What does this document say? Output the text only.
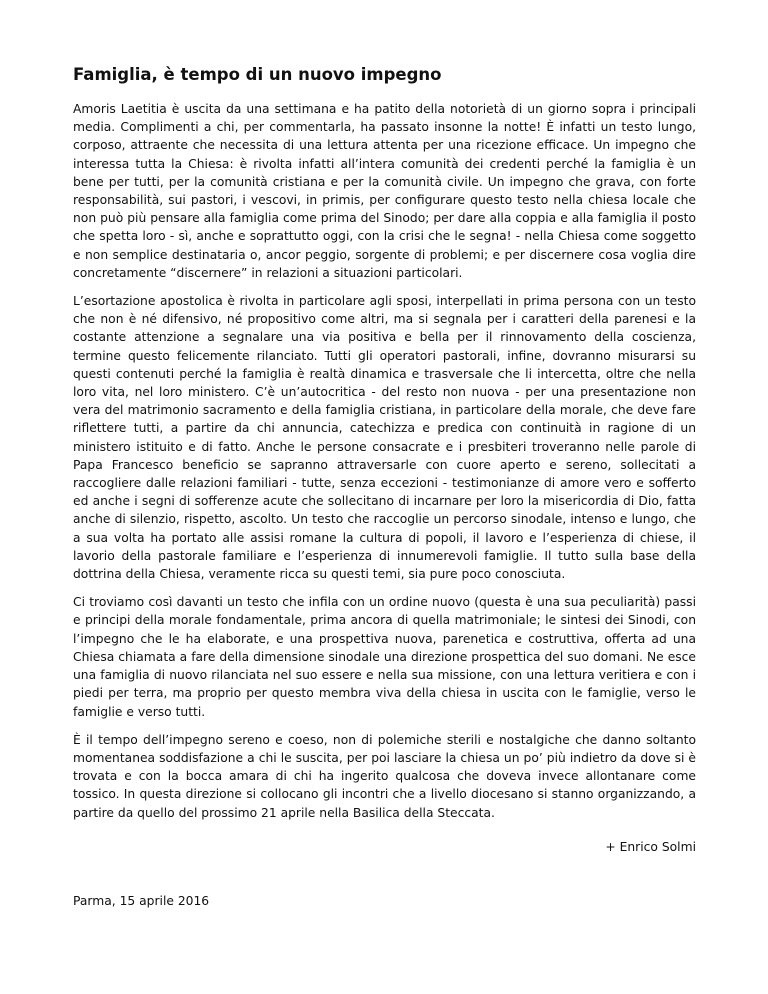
Famiglia, è tempo di un nuovo impegno

Amoris Laetitia è uscita da una settimana e ha patito della notorietà di un giorno sopra i principali media. Complimenti a chi, per commentarla, ha passato insonne la notte! È infatti un testo lungo, corposo, attraente che necessita di una lettura attenta per una ricezione efficace. Un impegno che interessa tutta la Chiesa: è rivolta infatti all’intera comunità dei credenti perché la famiglia è un bene per tutti, per la comunità cristiana e per la comunità civile. Un impegno che grava, con forte responsabilità, sui pastori, i vescovi, in primis, per configurare questo testo nella chiesa locale che non può più pensare alla famiglia come prima del Sinodo; per dare alla coppia e alla famiglia il posto che spetta loro - sì, anche e soprattutto oggi, con la crisi che le segna! - nella Chiesa come soggetto e non semplice destinataria o, ancor peggio, sorgente di problemi; e per discernere cosa voglia dire concretamente “discernere” in relazioni a situazioni particolari.

L’esortazione apostolica è rivolta in particolare agli sposi, interpellati in prima persona con un testo che non è né difensivo, né propositivo come altri, ma si segnala per i caratteri della parenesi e la costante attenzione a segnalare una via positiva e bella per il rinnovamento della coscienza, termine questo felicemente rilanciato. Tutti gli operatori pastorali, infine, dovranno misurarsi su questi contenuti perché la famiglia è realtà dinamica e trasversale che li intercetta, oltre che nella loro vita, nel loro ministero. C’è un’autocritica - del resto non nuova - per una presentazione non vera del matrimonio sacramento e della famiglia cristiana, in particolare della morale, che deve fare riflettere tutti, a partire da chi annuncia, catechizza e predica con continuità in ragione di un ministero istituito e di fatto. Anche le persone consacrate e i presbiteri troveranno nelle parole di Papa Francesco beneficio se sapranno attraversarle con cuore aperto e sereno, sollecitati a raccogliere dalle relazioni familiari - tutte, senza eccezioni - testimonianze di amore vero e sofferto ed anche i segni di sofferenze acute che sollecitano di incarnare per loro la misericordia di Dio, fatta anche di silenzio, rispetto, ascolto. Un testo che raccoglie un percorso sinodale, intenso e lungo, che a sua volta ha portato alle assisi romane la cultura di popoli, il lavoro e l’esperienza di chiese, il lavorio della pastorale familiare e l’esperienza di innumerevoli famiglie. Il tutto sulla base della dottrina della Chiesa, veramente ricca su questi temi, sia pure poco conosciuta.

Ci troviamo così davanti un testo che infila con un ordine nuovo (questa è una sua peculiarità) passi e principi della morale fondamentale, prima ancora di quella matrimoniale; le sintesi dei Sinodi, con l’impegno che le ha elaborate, e una prospettiva nuova, parenetica e costruttiva, offerta ad una Chiesa chiamata a fare della dimensione sinodale una direzione prospettica del suo domani. Ne esce una famiglia di nuovo rilanciata nel suo essere e nella sua missione, con una lettura veritiera e con i piedi per terra, ma proprio per questo membra viva della chiesa in uscita con le famiglie, verso le famiglie e verso tutti.

È il tempo dell’impegno sereno e coeso, non di polemiche sterili e nostalgiche che danno soltanto momentanea soddisfazione a chi le suscita, per poi lasciare la chiesa un po’ più indietro da dove si è trovata e con la bocca amara di chi ha ingerito qualcosa che doveva invece allontanare come tossico. In questa direzione si collocano gli incontri che a livello diocesano si stanno organizzando, a partire da quello del prossimo 21 aprile nella Basilica della Steccata.

+ Enrico Solmi
Parma, 15 aprile 2016
